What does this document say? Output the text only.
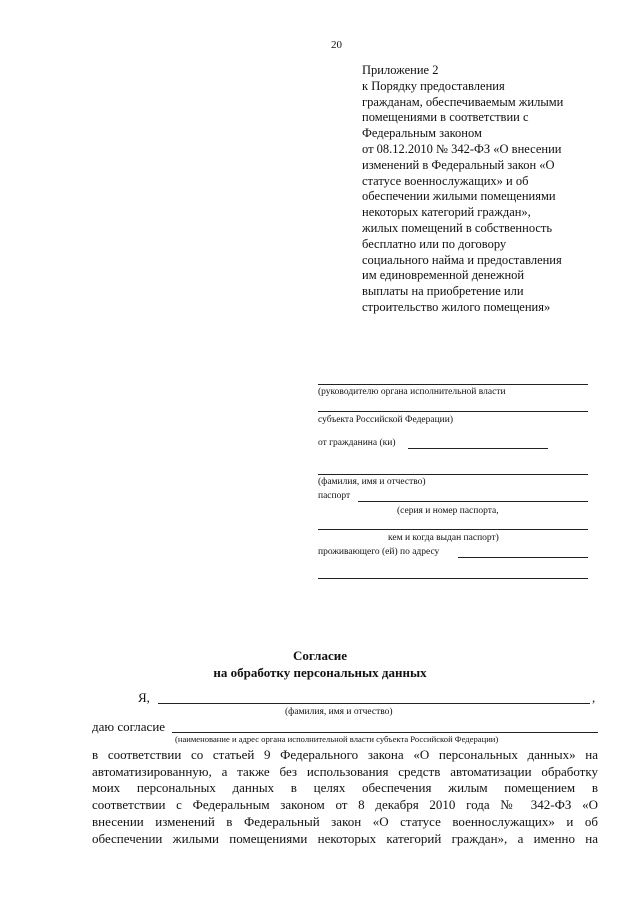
20
Приложение 2
к Порядку предоставления
гражданам, обеспечиваемым жилыми
помещениями в соответствии с
Федеральным законом
от 08.12.2010 № 342-ФЗ «О внесении
изменений в Федеральный закон «О
статусе военнослужащих» и об
обеспечении жилыми помещениями
некоторых категорий граждан»,
жилых помещений в собственность
бесплатно или по договору
социального найма и предоставления
им единовременной денежной
выплаты на приобретение или
строительство жилого помещения»
(руководителю органа исполнительной власти
субъекта Российской Федерации)
от гражданина (ки)
(фамилия, имя и отчество)
паспорт
(серия и номер паспорта,
кем и когда выдан паспорт)
проживающего (ей) по адресу
Согласие
на обработку персональных данных
Я,	,
(фамилия, имя и отчество)
даю согласие
(наименование и адрес органа исполнительной власти субъекта Российской Федерации)
в соответствии со статьей 9 Федерального закона «О персональных данных» на
автоматизированную, а также без использования средств автоматизации обработку
моих персональных данных в целях обеспечения жилым помещением в
соответствии с Федеральным законом от 8 декабря 2010 года № 342-ФЗ «О
внесении изменений в Федеральный закон «О статусе военнослужащих» и об
обеспечении жилыми помещениями некоторых категорий граждан», а именно на
